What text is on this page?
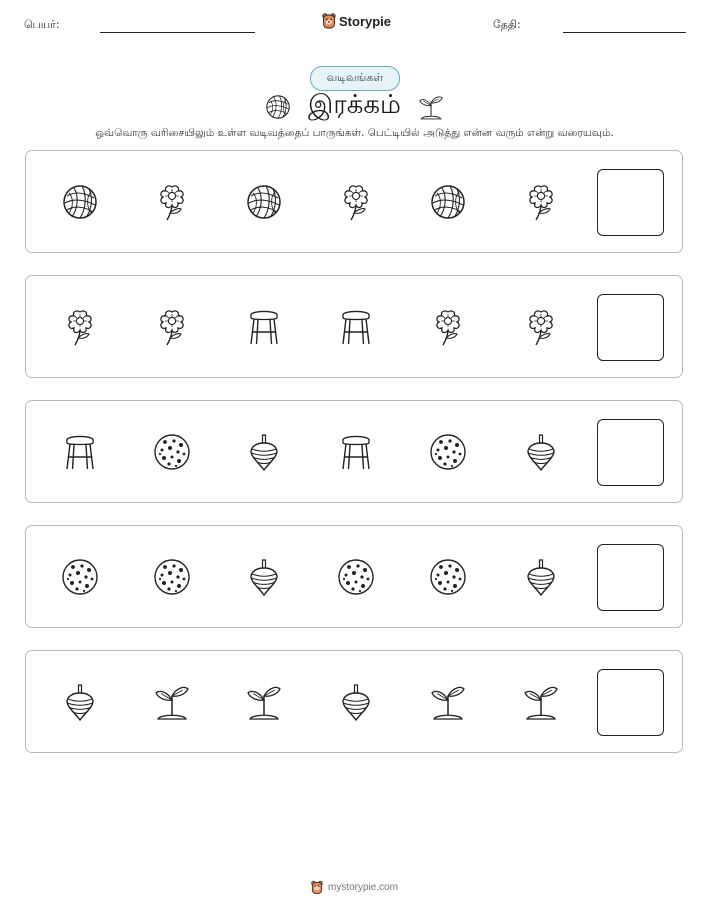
பெயர்:	Storypie	தேதி:
வடிவங்கள்
இரக்கம்
ஒவ்வொரு வரிசையிலும் உள்ள வடிவத்தைப் பாருங்கள். பெட்டியில் அடுத்து என்ன வரும் என்று வரையவும்.
mystorypie.com
